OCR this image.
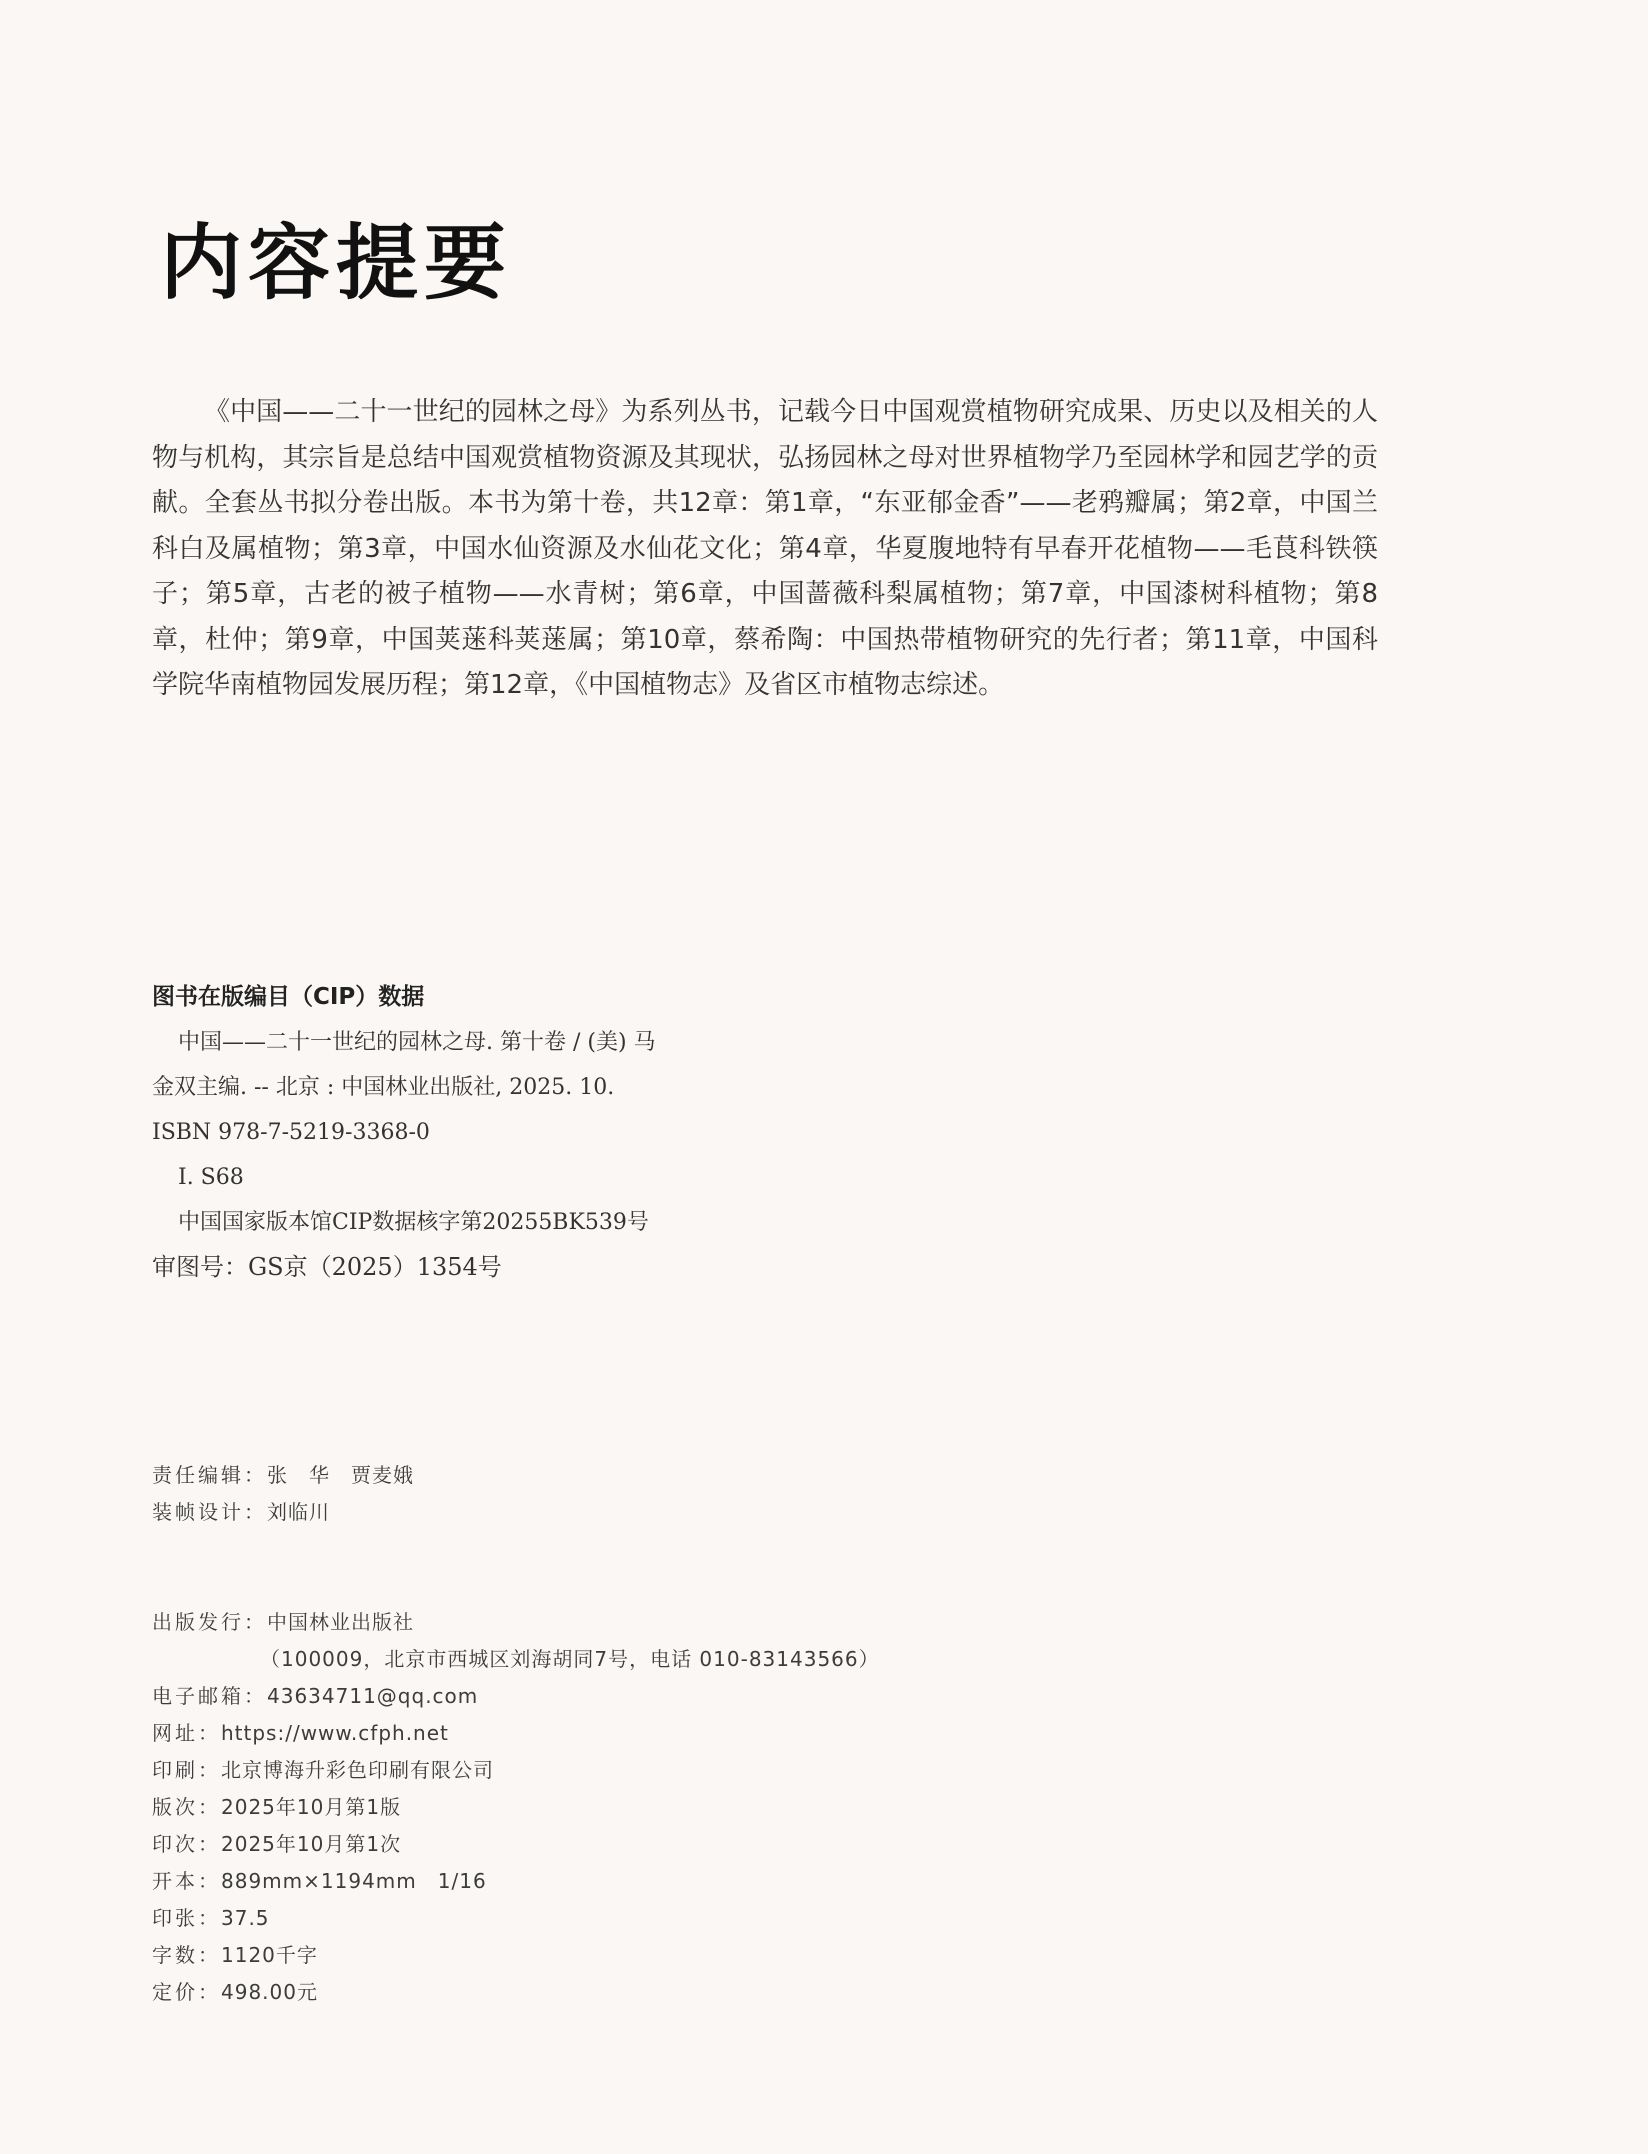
内容提要
《中国——二十一世纪的园林之母》为系列丛书，记载今日中国观赏植物研究成果、历史以及相关的人物与机构，其宗旨是总结中国观赏植物资源及其现状，弘扬园林之母对世界植物学乃至园林学和园艺学的贡献。全套丛书拟分卷出版。本书为第十卷，共12章：第1章，“东亚郁金香”——老鸦瓣属；第2章，中国兰科白及属植物；第3章，中国水仙资源及水仙花文化；第4章，华夏腹地特有早春开花植物——毛茛科铁筷子；第5章，古老的被子植物——水青树；第6章，中国蔷薇科梨属植物；第7章，中国漆树科植物；第8章，杜仲；第9章，中国荚蒾科荚蒾属；第10章，蔡希陶：中国热带植物研究的先行者；第11章，中国科学院华南植物园发展历程；第12章，《中国植物志》及省区市植物志综述。
图书在版编目（CIP）数据
中国——二十一世纪的园林之母. 第十卷 / (美) 马
金双主编. -- 北京 : 中国林业出版社, 2025. 10.
ISBN 978-7-5219-3368-0
Ⅰ. S68
中国国家版本馆CIP数据核字第20255BK539号
审图号：GS京（2025）1354号
责任编辑：张　华　贾麦娥
装帧设计：刘临川
出版发行：中国林业出版社
（100009，北京市西城区刘海胡同7号，电话 010-83143566）
电子邮箱：43634711@qq.com
网址：https://www.cfph.net
印刷：北京博海升彩色印刷有限公司
版次：2025年10月第1版
印次：2025年10月第1次
开本：889mm×1194mm　1/16
印张：37.5
字数：1120千字
定价：498.00元
